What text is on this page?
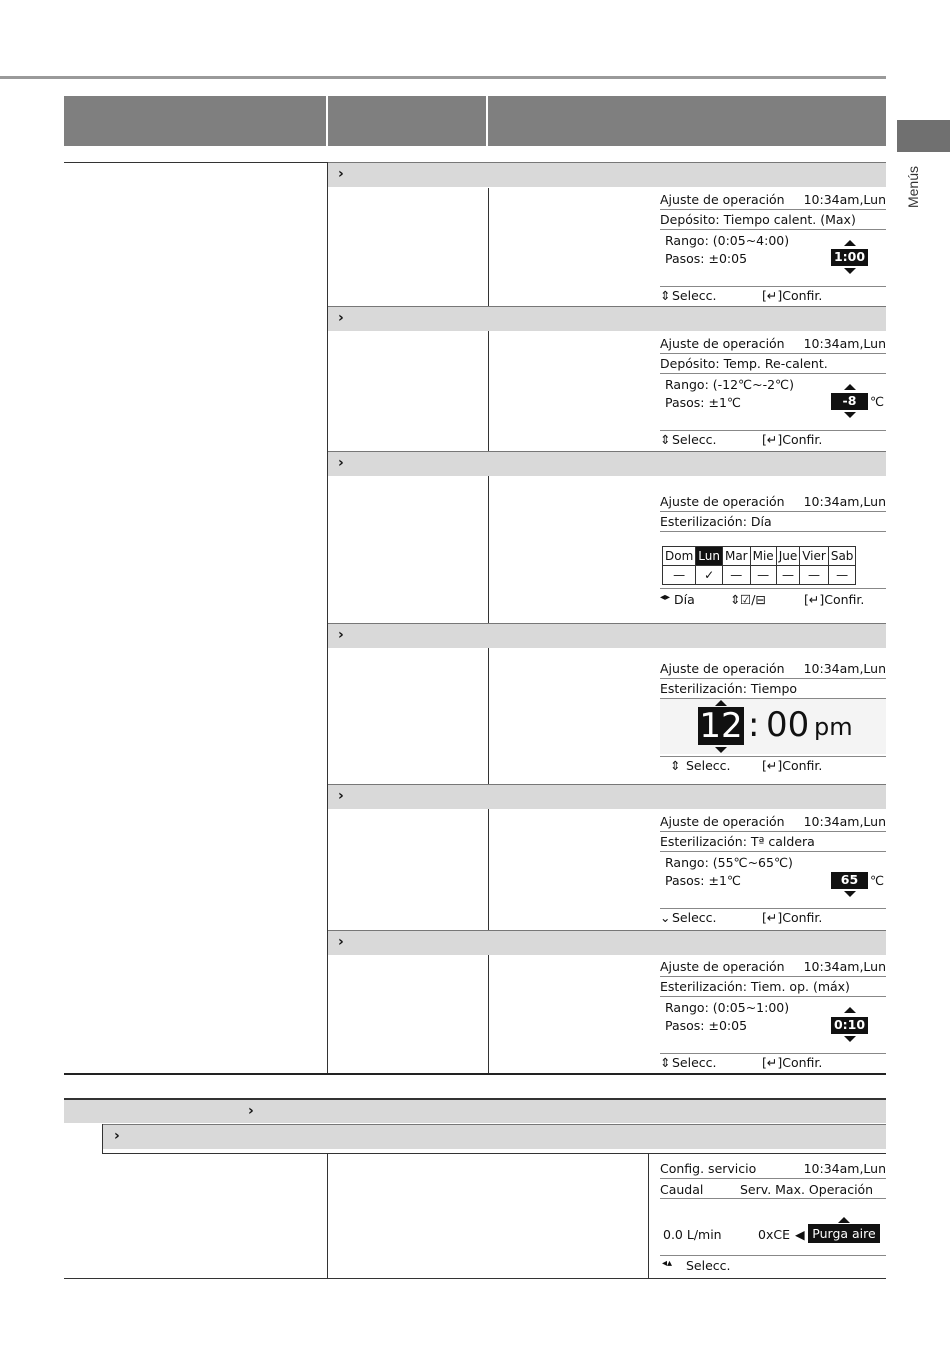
Menús
›
›
›
›
›
›
Ajuste de operación 10:34am,Lun
Depósito: Tiempo calent. (Max)
Rango: (0:05~4:00)
Pasos: ±0:05	1:00
⇕ Selecc.	[↵]Confir.
Ajuste de operación 10:34am,Lun
Depósito: Temp. Re-calent.
Rango: (-12℃~-2℃)
Pasos: ±1℃	-8	℃
⇕ Selecc.	[↵]Confir.
Ajuste de operación 10:34am,Lun
Esterilización: Día
Dom	Lun	Mar	Mie	Jue	Vier	Sab
—	✓	—	—	—	—	—
◂▸ Día	⇕ ☑/⊟	[↵]Confir.
Ajuste de operación 10:34am,Lun
Esterilización: Tiempo
12 : 00 pm
⇕ Selecc.	[↵]Confir.
Ajuste de operación 10:34am,Lun
Esterilización: Tª caldera
Rango: (55℃~65℃)
Pasos: ±1℃	65 ℃
⌄ Selecc.	[↵]Confir.
Ajuste de operación 10:34am,Lun
Esterilización: Tiem. op. (máx)
Rango: (0:05~1:00)
Pasos: ±0:05	0:10
⇕ Selecc.	[↵]Confir.
›
›
Config. servicio	10:34am,Lun
Caudal	Serv. Max. Operación
0.0 L/min	0xCE ◀ Purga aire
◂▴ Selecc.
